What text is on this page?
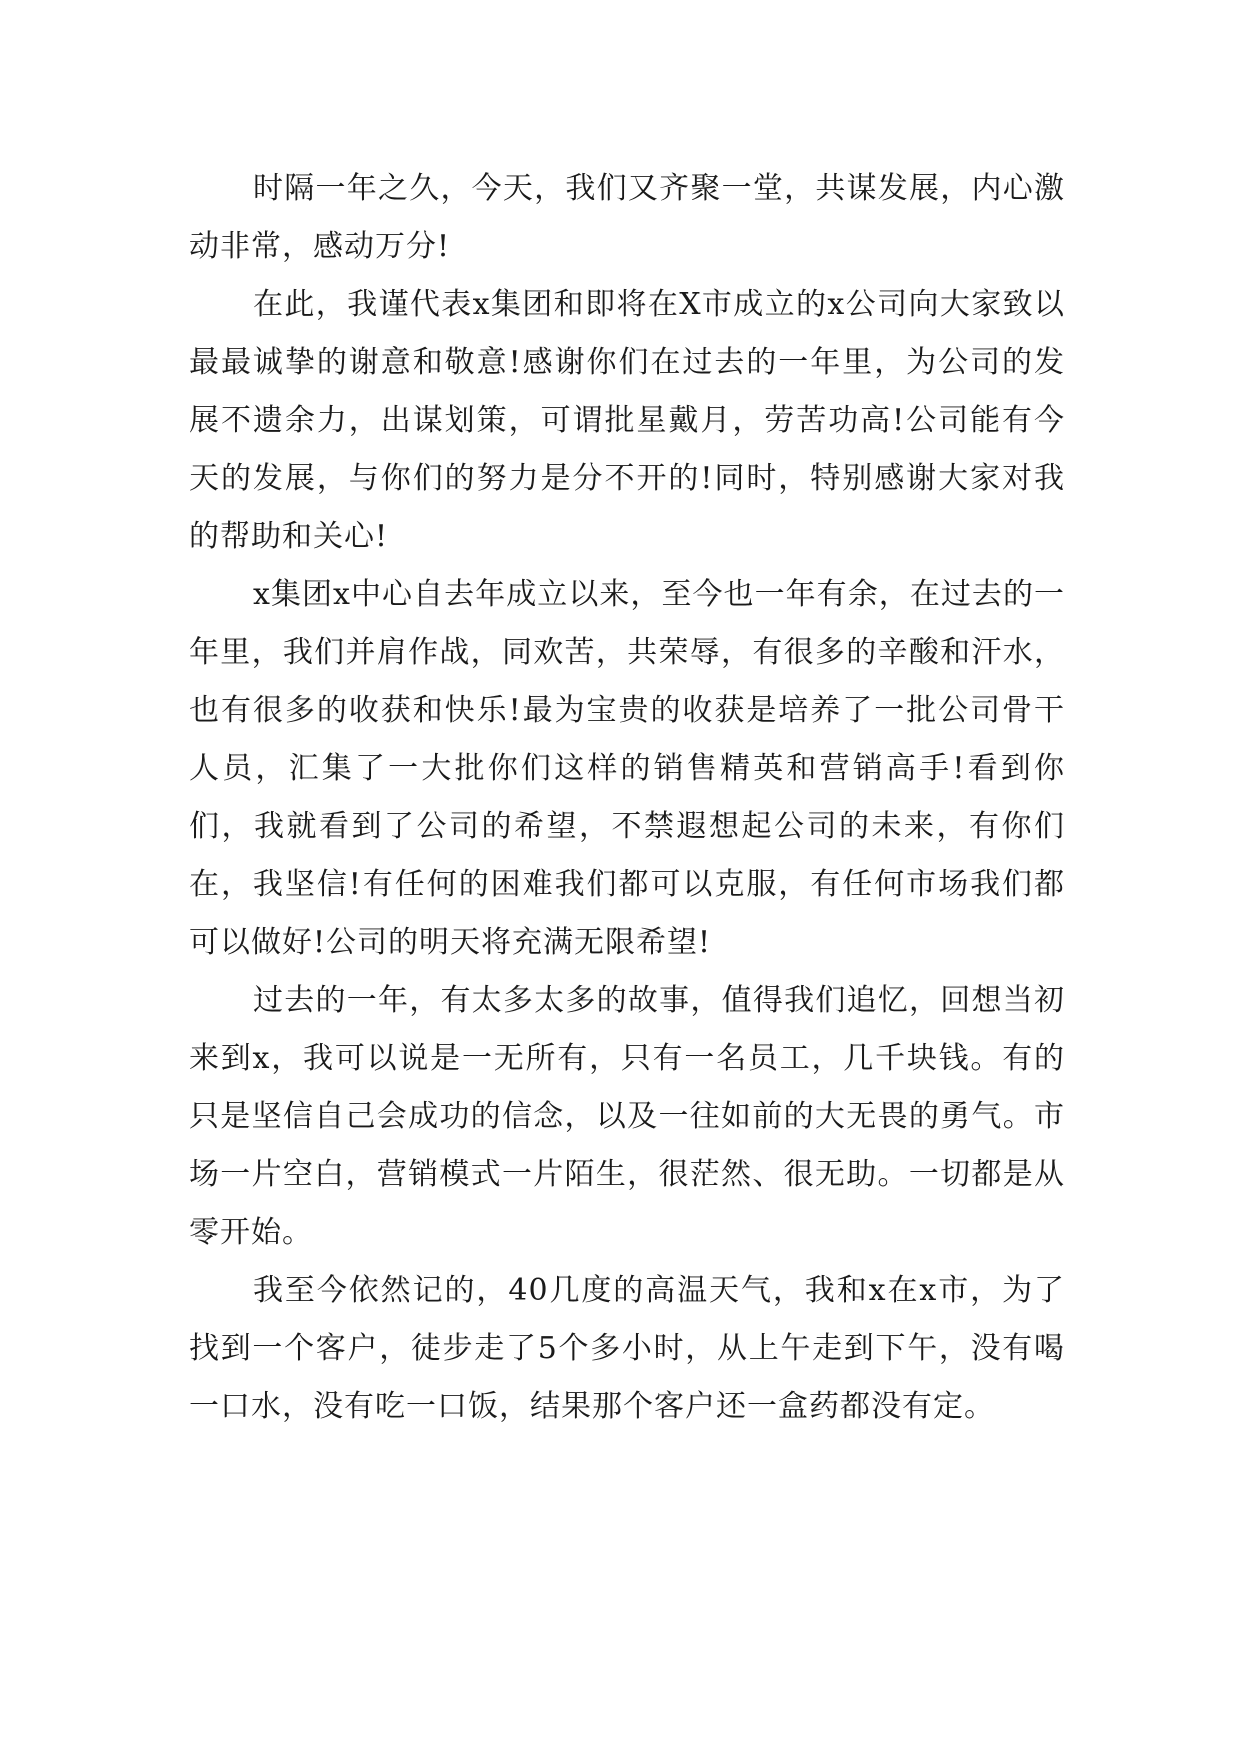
时隔一年之久，今天，我们又齐聚一堂，共谋发展，内心激动非常，感动万分!

在此，我谨代表x集团和即将在X市成立的x公司向大家致以最最诚挚的谢意和敬意!感谢你们在过去的一年里，为公司的发展不遗余力，出谋划策，可谓批星戴月，劳苦功高!公司能有今天的发展，与你们的努力是分不开的!同时，特别感谢大家对我的帮助和关心!

x集团x中心自去年成立以来，至今也一年有余，在过去的一年里，我们并肩作战，同欢苦，共荣辱，有很多的辛酸和汗水，也有很多的收获和快乐!最为宝贵的收获是培养了一批公司骨干人员，汇集了一大批你们这样的销售精英和营销高手!看到你们，我就看到了公司的希望，不禁遐想起公司的未来，有你们在，我坚信!有任何的困难我们都可以克服，有任何市场我们都可以做好!公司的明天将充满无限希望!

过去的一年，有太多太多的故事，值得我们追忆，回想当初来到x，我可以说是一无所有，只有一名员工，几千块钱。有的只是坚信自己会成功的信念，以及一往如前的大无畏的勇气。市场一片空白，营销模式一片陌生，很茫然、很无助。一切都是从零开始。

我至今依然记的，40几度的高温天气，我和x在x市，为了找到一个客户，徒步走了5个多小时，从上午走到下午，没有喝一口水，没有吃一口饭，结果那个客户还一盒药都没有定。
